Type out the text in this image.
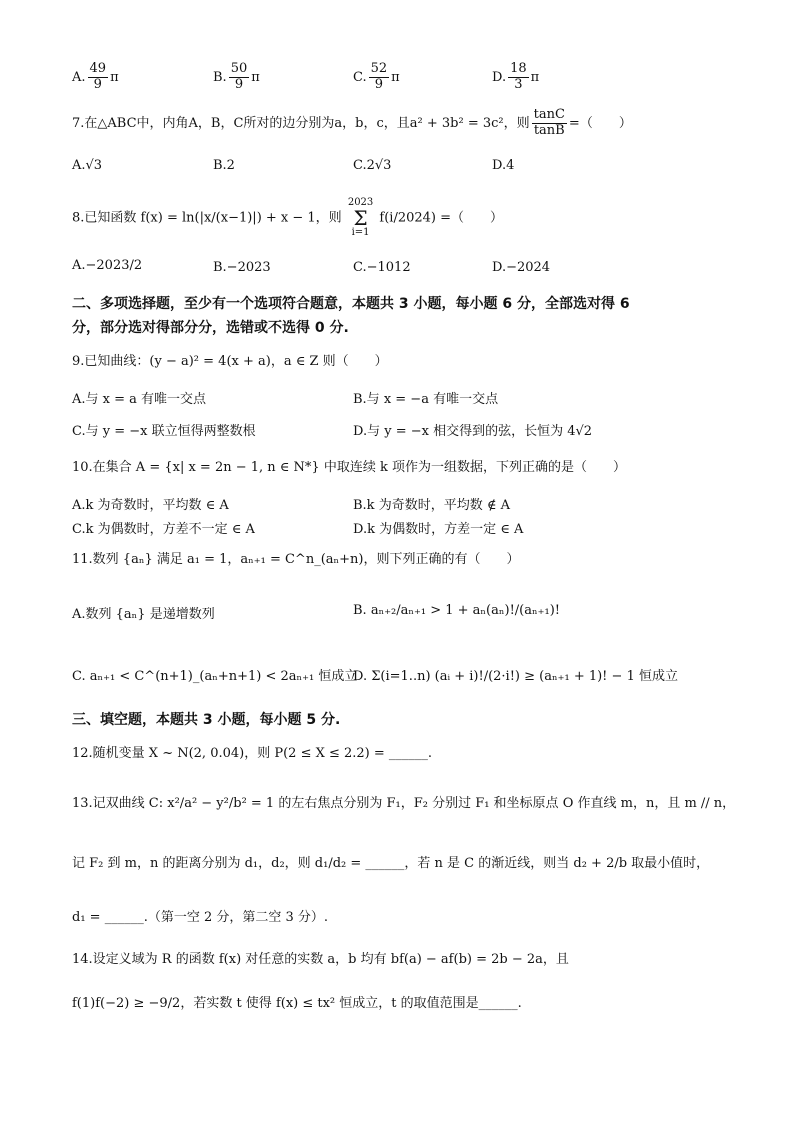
A. $\frac{49}{9}$ π	B. $\frac{50}{9}$ π	C. $\frac{52}{9}$ π	D. $\frac{18}{3}$ π
7.在△ABC中，内角A，B，C所对的边分别为a，b，c，且a² + 3b² = 3c²，则 $\frac{\tan C}{\tan B}$ =（　　）
A.√3	B.2	C.2√3	D.4
8.已知函数 f(x) = ln(|x/(x−1)|) + x − 1，则 2023
Σ
i=1 f(i/2024) =（　　）
A.−2023/2	B.−2023	C.−1012	D.−2024
二、多项选择题，至少有一个选项符合题意，本题共 3 小题，每小题 6 分，全部选对得 6
分，部分选对得部分分，选错或不选得 0 分.
9.已知曲线：(y − a)² = 4(x + a)，a ∈ Z 则（　　）
A.与 x = a 有唯一交点	B.与 x = −a 有唯一交点
C.与 y = −x 联立恒得两整数根	D.与 y = −x 相交得到的弦，长恒为 4√2
10.在集合 A = {x| x = 2n − 1, n ∈ N*} 中取连续 k 项作为一组数据，下列正确的是（　　）
A.k 为奇数时，平均数 ∈ A	B.k 为奇数时，平均数 ∉ A
C.k 为偶数时，方差不一定 ∈ A	D.k 为偶数时，方差一定 ∈ A
11.数列 {aₙ} 满足 a₁ = 1，aₙ₊₁ = C^n_(aₙ+n)，则下列正确的有（　　）
A.数列 {aₙ} 是递增数列	B. aₙ₊₂/aₙ₊₁ > 1 + aₙ(aₙ)!/(aₙ₊₁)!
C. aₙ₊₁ < C^(n+1)_(aₙ+n+1) < 2aₙ₊₁ 恒成立
D. Σ(i=1..n) (aᵢ + i)!/(2·i!) ≥ (aₙ₊₁ + 1)! − 1 恒成立
三、填空题，本题共 3 小题，每小题 5 分.
12.随机变量 X ~ N(2, 0.04)，则 P(2 ≤ X ≤ 2.2) = ______.
13.记双曲线 C: x²/a² − y²/b² = 1 的左右焦点分别为 F₁，F₂ 分别过 F₁ 和坐标原点 O 作直线 m，n，且 m // n，
记 F₂ 到 m，n 的距离分别为 d₁，d₂，则 d₁/d₂ = ______，若 n 是 C 的渐近线，则当 d₂ + 2/b 取最小值时，
d₁ = ______.（第一空 2 分，第二空 3 分）.
14.设定义域为 R 的函数 f(x) 对任意的实数 a，b 均有 bf(a) − af(b) = 2b − 2a，且
f(1)f(−2) ≥ −9/2，若实数 t 使得 f(x) ≤ tx² 恒成立，t 的取值范围是______.
